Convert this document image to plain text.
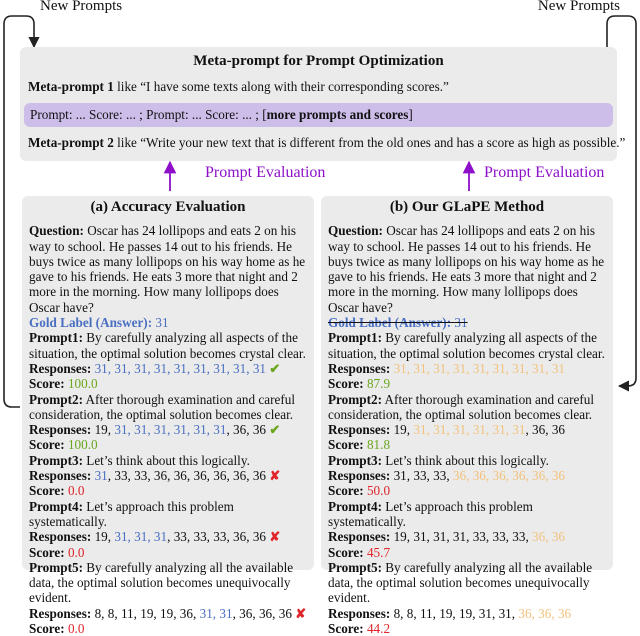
New Prompts	New Prompts
Meta-prompt for Prompt Optimization
Meta-prompt 1 like “I have some texts along with their corresponding scores.”
Prompt: ... Score: ... ; Prompt: ... Score: ... ; [more prompts and scores]
Meta-prompt 2 like “Write your new text that is different from the old ones and has a score as high as possible.”
Prompt Evaluation	Prompt Evaluation
(a) Accuracy Evaluation
Question: Oscar has 24 lollipops and eats 2 on his way to school. He passes 14 out to his friends. He buys twice as many lollipops on his way home as he gave to his friends. He eats 3 more that night and 2 more in the morning. How many lollipops does Oscar have?
Gold Label (Answer): 31
Prompt1: By carefully analyzing all aspects of the situation, the optimal solution becomes crystal clear.
Responses: 31, 31, 31, 31, 31, 31, 31, 31, 31 ✔
Score: 100.0
Prompt2: After thorough examination and careful consideration, the optimal solution becomes clear.
Responses: 19, 31, 31, 31, 31, 31, 31, 36, 36 ✔
Score: 100.0
Prompt3: Let’s think about this logically.
Responses: 31, 33, 33, 36, 36, 36, 36, 36, 36 ✘
Score: 0.0
Prompt4: Let’s approach this problem systematically.
Responses: 19, 31, 31, 31, 33, 33, 33, 36, 36 ✘
Score: 0.0
Prompt5: By carefully analyzing all the available data, the optimal solution becomes unequivocally evident.
Responses: 8, 8, 11, 19, 19, 36, 31, 31, 36, 36, 36 ✘
Score: 0.0
(b) Our GLaPE Method
Question: Oscar has 24 lollipops and eats 2 on his way to school. He passes 14 out to his friends. He buys twice as many lollipops on his way home as he gave to his friends. He eats 3 more that night and 2 more in the morning. How many lollipops does Oscar have?
Gold Label (Answer): 31
Prompt1: By carefully analyzing all aspects of the situation, the optimal solution becomes crystal clear.
Responses: 31, 31, 31, 31, 31, 31, 31, 31, 31
Score: 87.9
Prompt2: After thorough examination and careful consideration, the optimal solution becomes clear.
Responses: 19, 31, 31, 31, 31, 31, 31, 36, 36
Score: 81.8
Prompt3: Let’s think about this logically.
Responses: 31, 33, 33, 36, 36, 36, 36, 36, 36
Score: 50.0
Prompt4: Let’s approach this problem systematically.
Responses: 19, 31, 31, 31, 33, 33, 33, 36, 36
Score: 45.7
Prompt5: By carefully analyzing all the available data, the optimal solution becomes unequivocally evident.
Responses: 8, 8, 11, 19, 19, 31, 31, 36, 36, 36
Score: 44.2
